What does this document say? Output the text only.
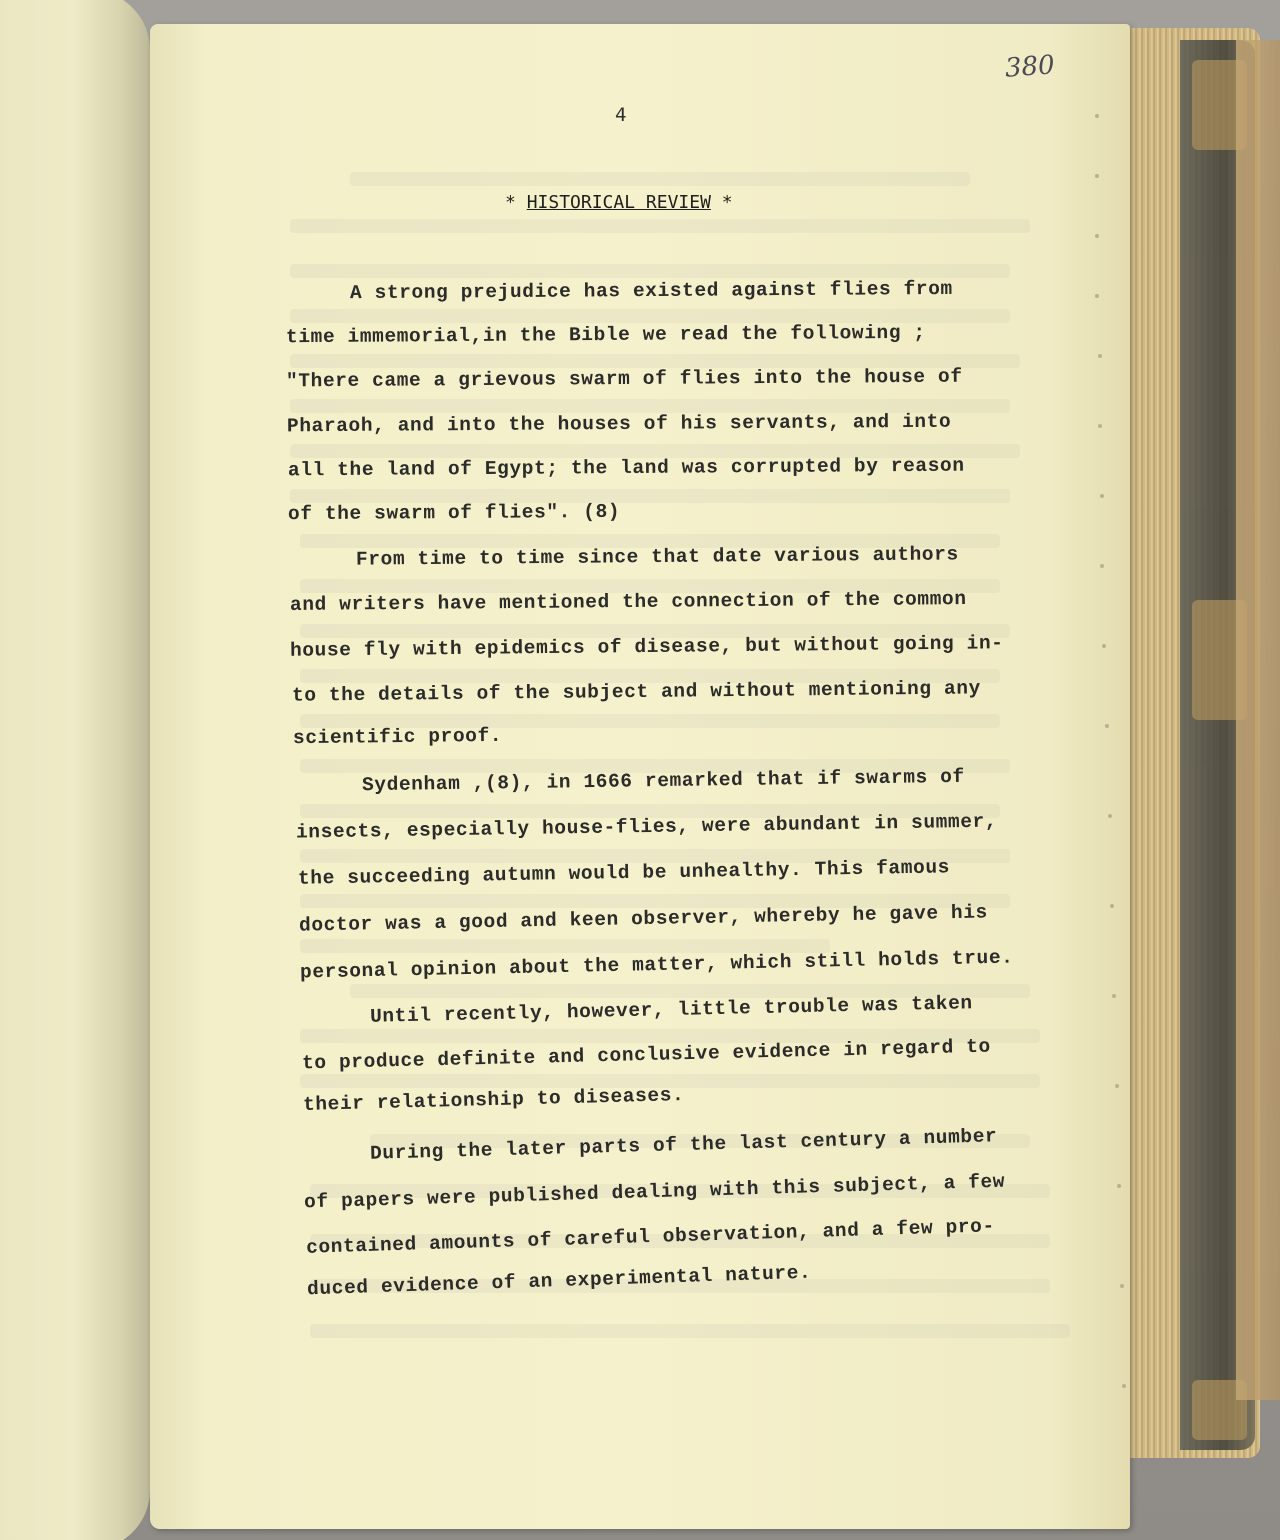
380
4
* HISTORICAL REVIEW *
A strong prejudice has existed against flies from
time immemorial,in the Bible we read the following ;
"There came a grievous swarm of flies into the house of
Pharaoh, and into the houses of his servants, and into
all the land of Egypt; the land was corrupted by reason
of the swarm of flies". (8)
From time to time since that date various authors
and writers have mentioned the connection of the common
house fly with epidemics of disease, but without going in-
to the details of the subject and without mentioning any
scientific proof.
Sydenham ,(8), in 1666 remarked that if swarms of
insects, especially house-flies, were abundant in summer,
the succeeding autumn would be unhealthy. This famous
doctor was a good and keen observer, whereby he gave his
personal opinion about the matter, which still holds true.
Until recently, however, little trouble was taken
to produce definite and conclusive evidence in regard to
their relationship to diseases.
During the later parts of the last century a number
of papers were published dealing with this subject, a few
contained amounts of careful observation, and a few pro-
duced evidence of an experimental nature.
